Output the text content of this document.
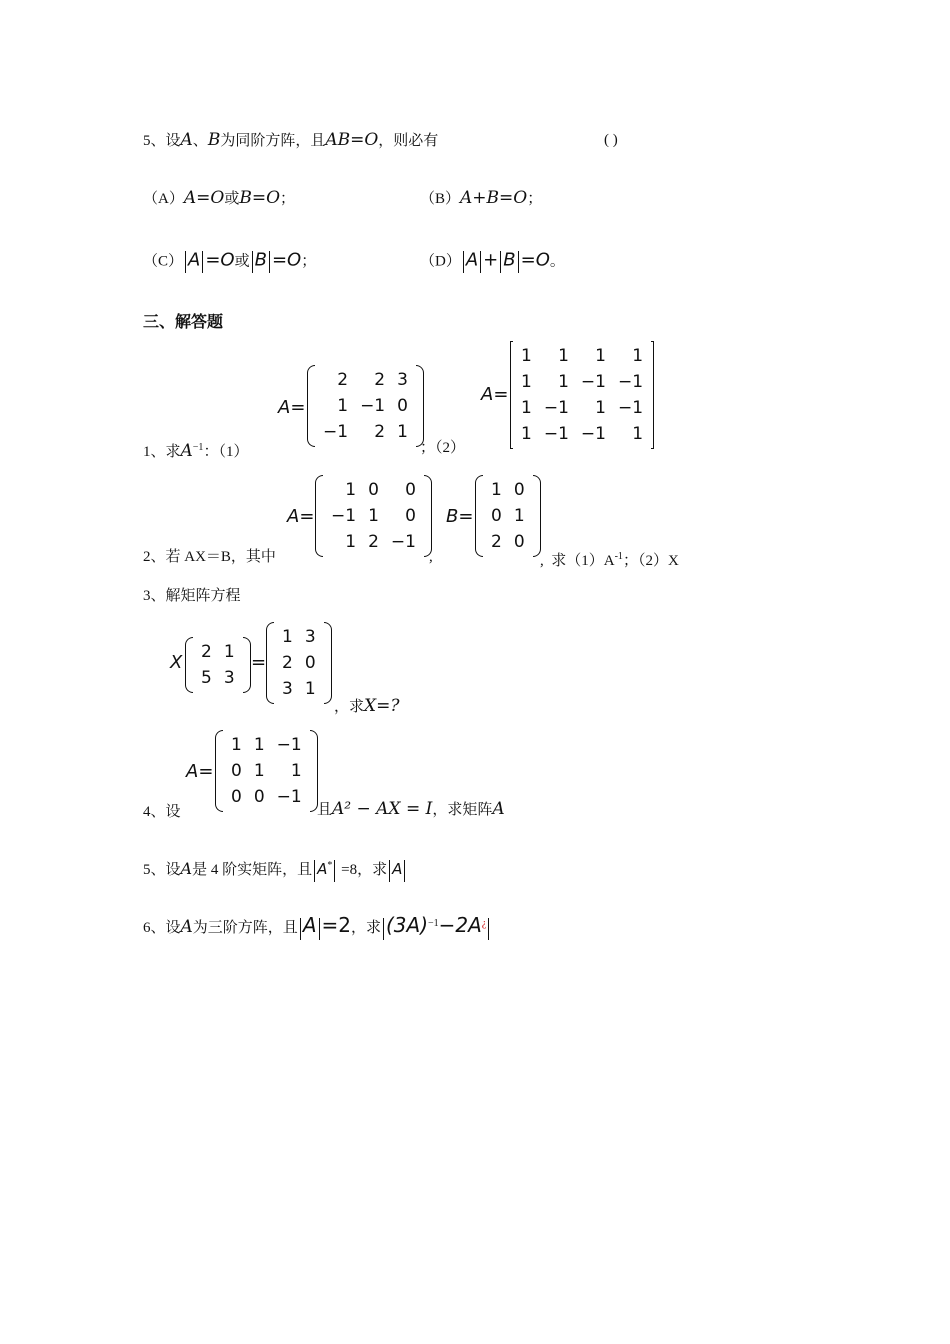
5、设A、B为同阶方阵，且AB=O，则必有	( )
（A）A=O或B=O；	（B）A+B=O；
（C） A =O或 B =O；	（D） A + B =O。
三、解答题
1、求$A^{-1}$：（1）
A=
2	2 3
1 −1 0
−1	2 1
；（2）
A=
1	1	1	1
1	1 −1 −1
1 −1	1 −1
1 −1 −1	1
2、若 AX＝B，其中
A=
1 0	0
−1 1	0
1 2 −1
,
B=
1 0
0 1
2 0
, 求$(1)A^{-1}$；（2）X
3、解矩阵方程
X	2 1
5 3
=
1 3
2 0
3 1
，求X=?
4、设
A=
1 1 −1
0 1	1
0 0 −1
且A² − AX = I，求矩阵A
5、设A是 4 阶实矩阵，且 A* =8，求 A
6、设A为三阶方阵，且 A =2，求 $(3A)^{-1}-2A^¿$
